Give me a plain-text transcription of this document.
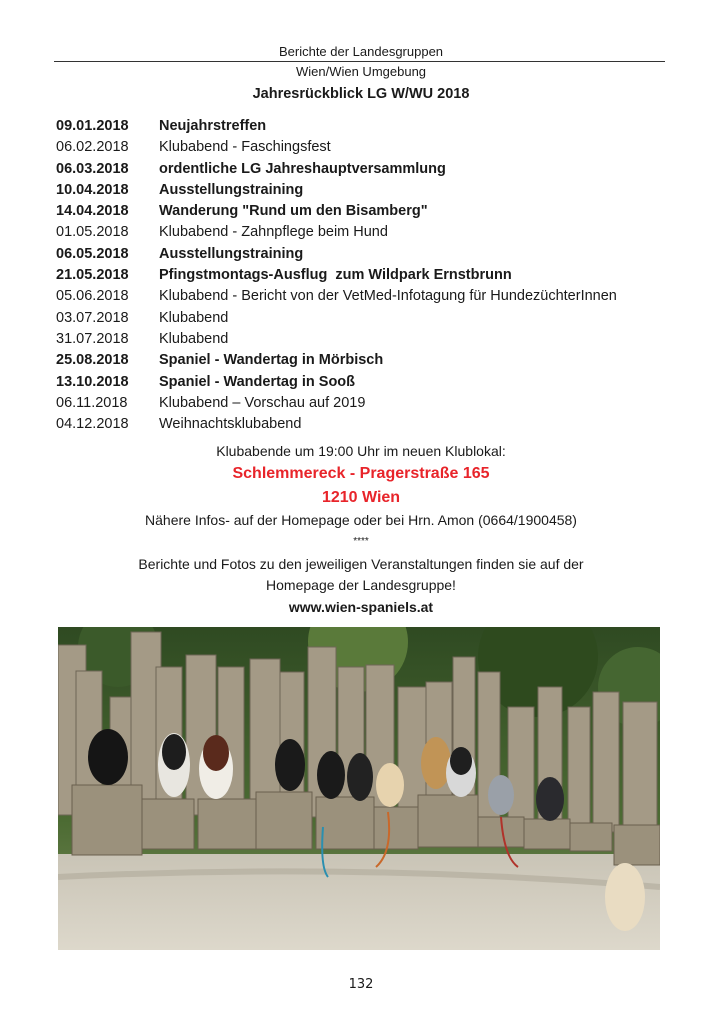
Berichte der Landesgruppen
Wien/Wien Umgebung
Jahresrückblick LG W/WU 2018
09.01.2018 Neujahrstreffen
06.02.2018 Klubabend - Faschingsfest
06.03.2018 ordentliche LG Jahreshauptversammlung
10.04.2018 Ausstellungstraining
14.04.2018 Wanderung "Rund um den Bisamberg"
01.05.2018 Klubabend - Zahnpflege beim Hund
06.05.2018 Ausstellungstraining
21.05.2018 Pfingstmontags-Ausflug  zum Wildpark Ernstbrunn
05.06.2018 Klubabend - Bericht von der VetMed-Infotagung für HundezüchterInnen
03.07.2018 Klubabend
31.07.2018 Klubabend
25.08.2018 Spaniel - Wandertag in Mörbisch
13.10.2018 Spaniel - Wandertag in Sooß
06.11.2018 Klubabend – Vorschau auf 2019
04.12.2018 Weihnachtsklubabend
Klubabende um 19:00 Uhr im neuen Klublokal:
Schlemmereck - Pragerstraße 165
1210 Wien
Nähere Infos- auf der Homepage oder bei Hrn. Amon (0664/1900458)
****
Berichte und Fotos zu den jeweiligen Veranstaltungen finden sie auf der
Homepage der Landesgruppe!
www.wien-spaniels.at
132
